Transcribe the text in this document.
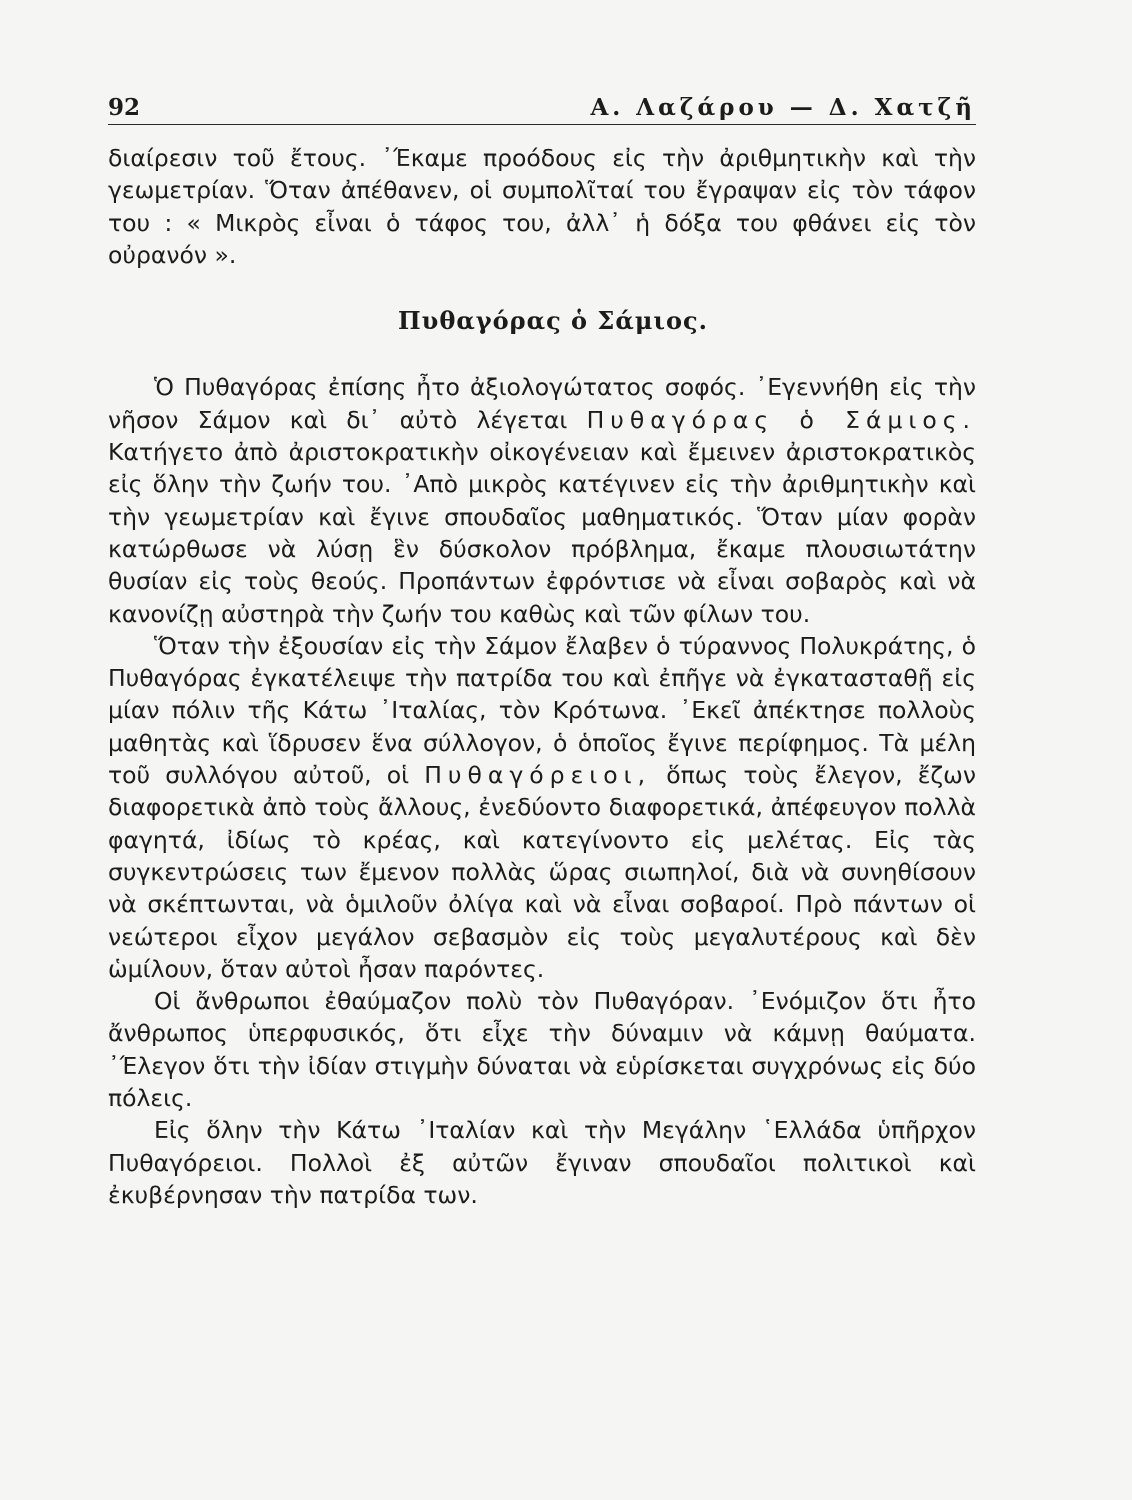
92	Α. Λαζάρου — Δ. Χατζῆ

διαίρεσιν τοῦ ἔτους. ᾽Έκαμε προόδους εἰς τὴν ἀριθμητικὴν καὶ τὴν γεωμετρίαν. Ὅταν ἀπέθανεν, οἱ συμπολῖταί του ἔγραψαν εἰς τὸν τάφον του : « Μικρὸς εἶναι ὁ τάφος του, ἀλλ᾽ ἡ δόξα του φθάνει εἰς τὸν οὐρανόν ».

Πυθαγόρας ὁ Σάμιος.

Ὁ Πυθαγόρας ἐπίσης ἦτο ἀξιολογώτατος σοφός. ᾽Εγεννήθη εἰς τὴν νῆσον Σάμον καὶ δι᾽ αὐτὸ λέγεται Πυθαγόρας ὁ Σάμιος. Κατήγετο ἀπὸ ἀριστοκρατικὴν οἰκογένειαν καὶ ἔμεινεν ἀριστοκρατικὸς εἰς ὅλην τὴν ζωήν του. ᾽Απὸ μικρὸς κατέγινεν εἰς τὴν ἀριθμητικὴν καὶ τὴν γεωμετρίαν καὶ ἔγινε σπουδαῖος μαθηματικός. Ὅταν μίαν φορὰν κατώρθωσε νὰ λύσῃ ἓν δύσκολον πρόβλημα, ἔκαμε πλουσιωτάτην θυσίαν εἰς τοὺς θεούς. Προπάντων ἐφρόντισε νὰ εἶναι σοβαρὸς καὶ νὰ κανονίζῃ αὐστηρὰ τὴν ζωήν του καθὼς καὶ τῶν φίλων του.

Ὅταν τὴν ἐξουσίαν εἰς τὴν Σάμον ἔλαβεν ὁ τύραννος Πολυκράτης, ὁ Πυθαγόρας ἐγκατέλειψε τὴν πατρίδα του καὶ ἐπῆγε νὰ ἐγκατασταθῇ εἰς μίαν πόλιν τῆς Κάτω ᾽Ιταλίας, τὸν Κρότωνα. ᾽Εκεῖ ἀπέκτησε πολλοὺς μαθητὰς καὶ ἵδρυσεν ἕνα σύλλογον, ὁ ὁποῖος ἔγινε περίφημος. Τὰ μέλη τοῦ συλλόγου αὐτοῦ, οἱ Πυθαγόρειοι, ὅπως τοὺς ἔλεγον, ἔζων διαφορετικὰ ἀπὸ τοὺς ἄλλους, ἐνεδύοντο διαφορετικά, ἀπέφευγον πολλὰ φαγητά, ἰδίως τὸ κρέας, καὶ κατεγίνοντο εἰς μελέτας. Εἰς τὰς συγκεντρώσεις των ἔμενον πολλὰς ὥρας σιωπηλοί, διὰ νὰ συνηθίσουν νὰ σκέπτωνται, νὰ ὁμιλοῦν ὀλίγα καὶ νὰ εἶναι σοβαροί. Πρὸ πάντων οἱ νεώτεροι εἶχον μεγάλον σεβασμὸν εἰς τοὺς μεγαλυτέρους καὶ δὲν ὡμίλουν, ὅταν αὐτοὶ ἦσαν παρόντες.

Οἱ ἄνθρωποι ἐθαύμαζον πολὺ τὸν Πυθαγόραν. ᾽Ενόμιζον ὅτι ἦτο ἄνθρωπος ὑπερφυσικός, ὅτι εἶχε τὴν δύναμιν νὰ κάμνῃ θαύματα. ᾽Έλεγον ὅτι τὴν ἰδίαν στιγμὴν δύναται νὰ εὑρίσκεται συγχρόνως εἰς δύο πόλεις.

Εἰς ὅλην τὴν Κάτω ᾽Ιταλίαν καὶ τὴν Μεγάλην ῾Ελλάδα ὑπῆρχον Πυθαγόρειοι. Πολλοὶ ἐξ αὐτῶν ἔγιναν σπουδαῖοι πολιτικοὶ καὶ ἐκυβέρνησαν τὴν πατρίδα των.
